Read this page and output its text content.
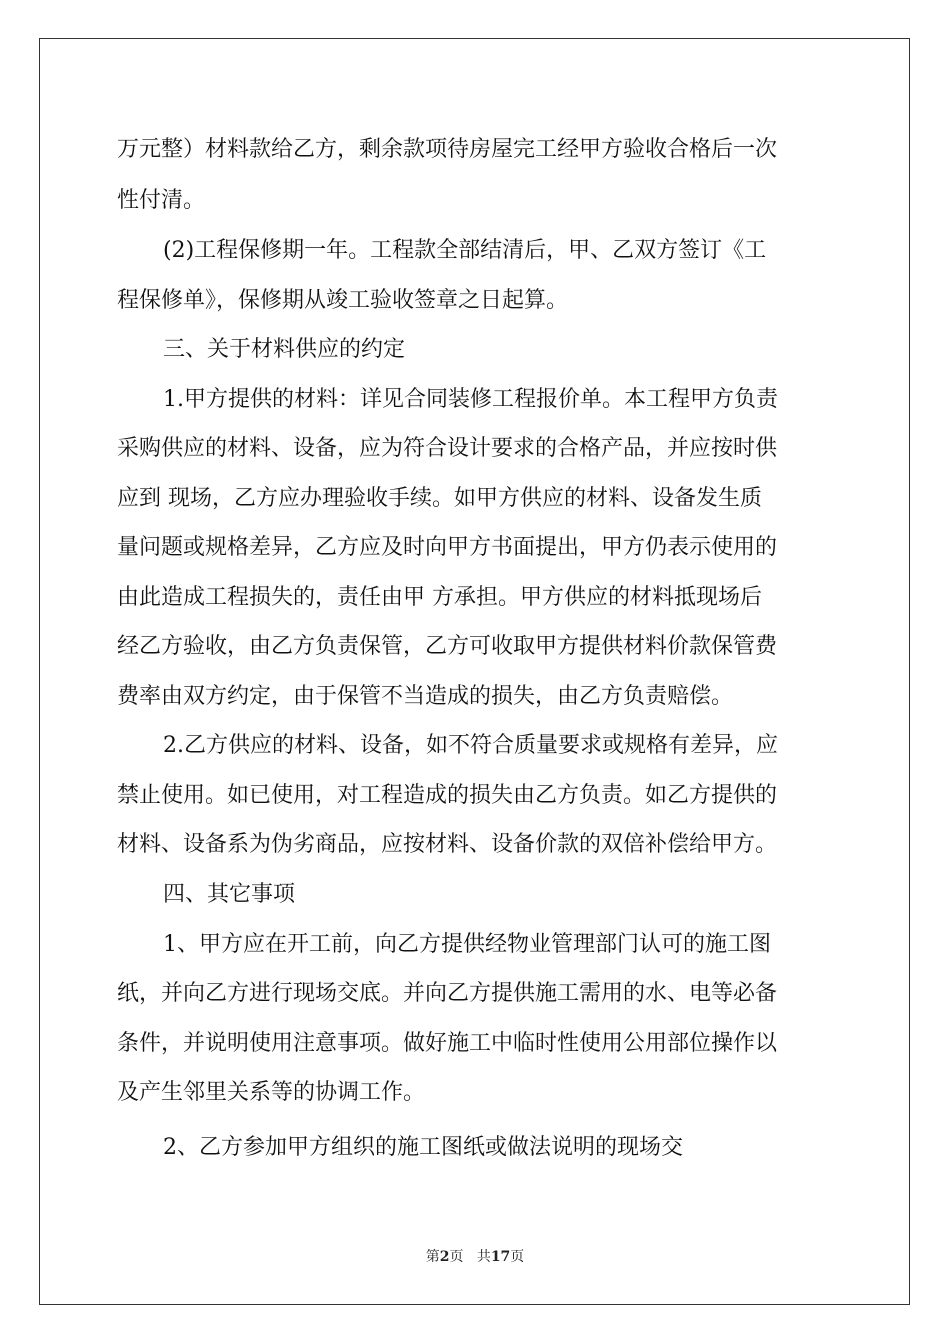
万元整）材料款给乙方，剩余款项待房屋完工经甲方验收合格后一次

性付清。

(2)工程保修期一年。工程款全部结清后，甲、乙双方签订《工

程保修单》，保修期从竣工验收签章之日起算。

三、关于材料供应的约定

1.甲方提供的材料：详见合同装修工程报价单。本工程甲方负责

采购供应的材料、设备，应为符合设计要求的合格产品，并应按时供

应到 现场，乙方应办理验收手续。如甲方供应的材料、设备发生质

量问题或规格差异，乙方应及时向甲方书面提出，甲方仍表示使用的

由此造成工程损失的，责任由甲 方承担。甲方供应的材料抵现场后

经乙方验收，由乙方负责保管，乙方可收取甲方提供材料价款保管费

费率由双方约定，由于保管不当造成的损失，由乙方负责赔偿。

2.乙方供应的材料、设备，如不符合质量要求或规格有差异，应

禁止使用。如已使用，对工程造成的损失由乙方负责。如乙方提供的

材料、设备系为伪劣商品，应按材料、设备价款的双倍补偿给甲方。

四、其它事项

1、甲方应在开工前，向乙方提供经物业管理部门认可的施工图

纸，并向乙方进行现场交底。并向乙方提供施工需用的水、电等必备

条件，并说明使用注意事项。做好施工中临时性使用公用部位操作以

及产生邻里关系等的协调工作。

2、乙方参加甲方组织的施工图纸或做法说明的现场交

第2页 共17页
